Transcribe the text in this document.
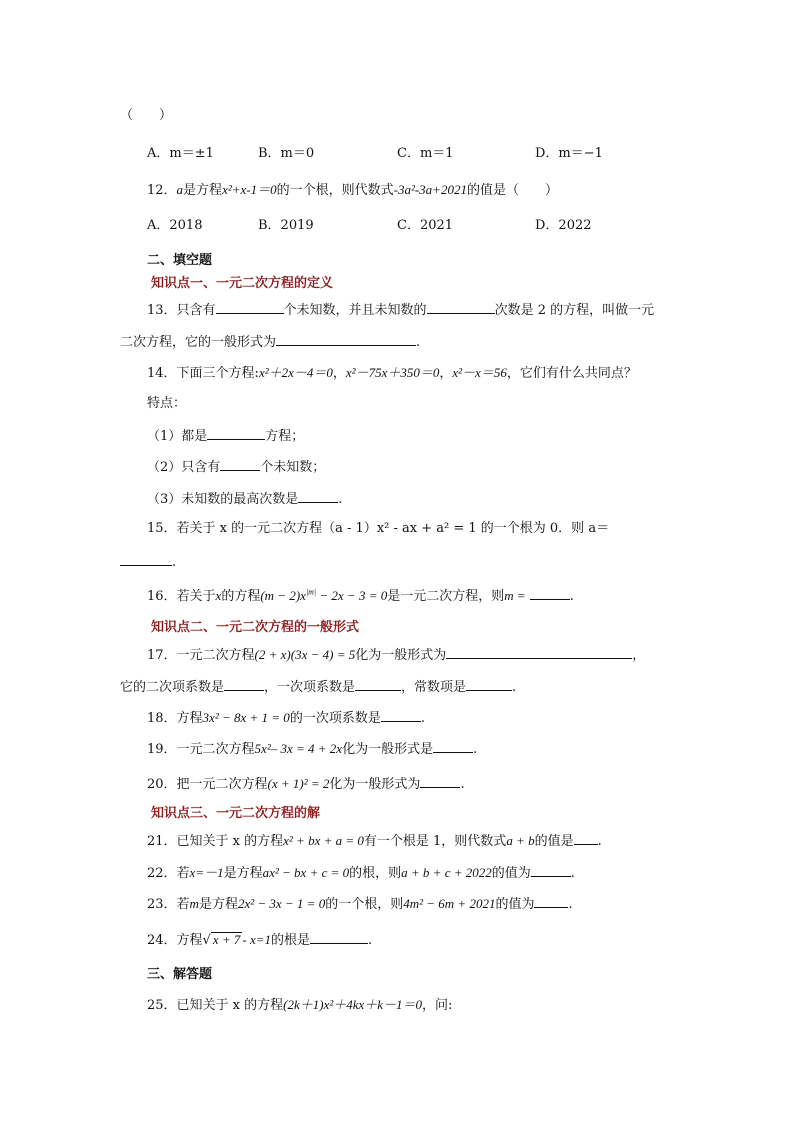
（　　）
A．m＝±1	B．m＝0	C．m＝1	D．m＝−1
12．a是方程x²+x-1＝0的一个根，则代数式-3a²-3a+2021的值是（　　）
A．2018	B．2019	C．2021	D．2022
二、填空题
知识点一、一元二次方程的定义
13．只含有	个未知数，并且未知数的	次数是 2 的方程，叫做一元
二次方程，它的一般形式为	.
14．下面三个方程:x²＋2x－4＝0，x²－75x＋350＝0，x²－x＝56，它们有什么共同点？
特点：
（1）都是	方程；
（2）只含有	个未知数；
（3）未知数的最高次数是	.
15．若关于 x 的一元二次方程（a - 1）x² - ax + a² = 1 的一个根为 0．则 a＝
.
16．若关于x的方程$(m - 2)x^{|m|} - 2x - 3 = 0$是一元二次方程，则m =	.
知识点二、一元二次方程的一般形式
17．一元二次方程(2 + x)(3x − 4) = 5化为一般形式为	，
它的二次项系数是	，一次项系数是	，常数项是	.
18．方程3x² − 8x + 1 = 0的一次项系数是	.
19．一元二次方程5x²– 3x = 4 + 2x化为一般形式是	.
20．把一元二次方程(x + 1)² = 2化为一般形式为	.
知识点三、一元二次方程的解
21．已知关于 x 的方程x² + bx + a = 0有一个根是 1，则代数式a + b的值是 .
22．若x=－1是方程ax² − bx + c = 0的根，则a + b + c + 2022的值为	.
23．若m是方程2x² − 3x − 1 = 0的一个根，则4m² − 6m + 2021的值为	.
24．方程√ x + 7 - x=1的根是	.
三、解答题
25．已知关于 x 的方程(2k＋1)x²＋4kx＋k－1＝0，问:
